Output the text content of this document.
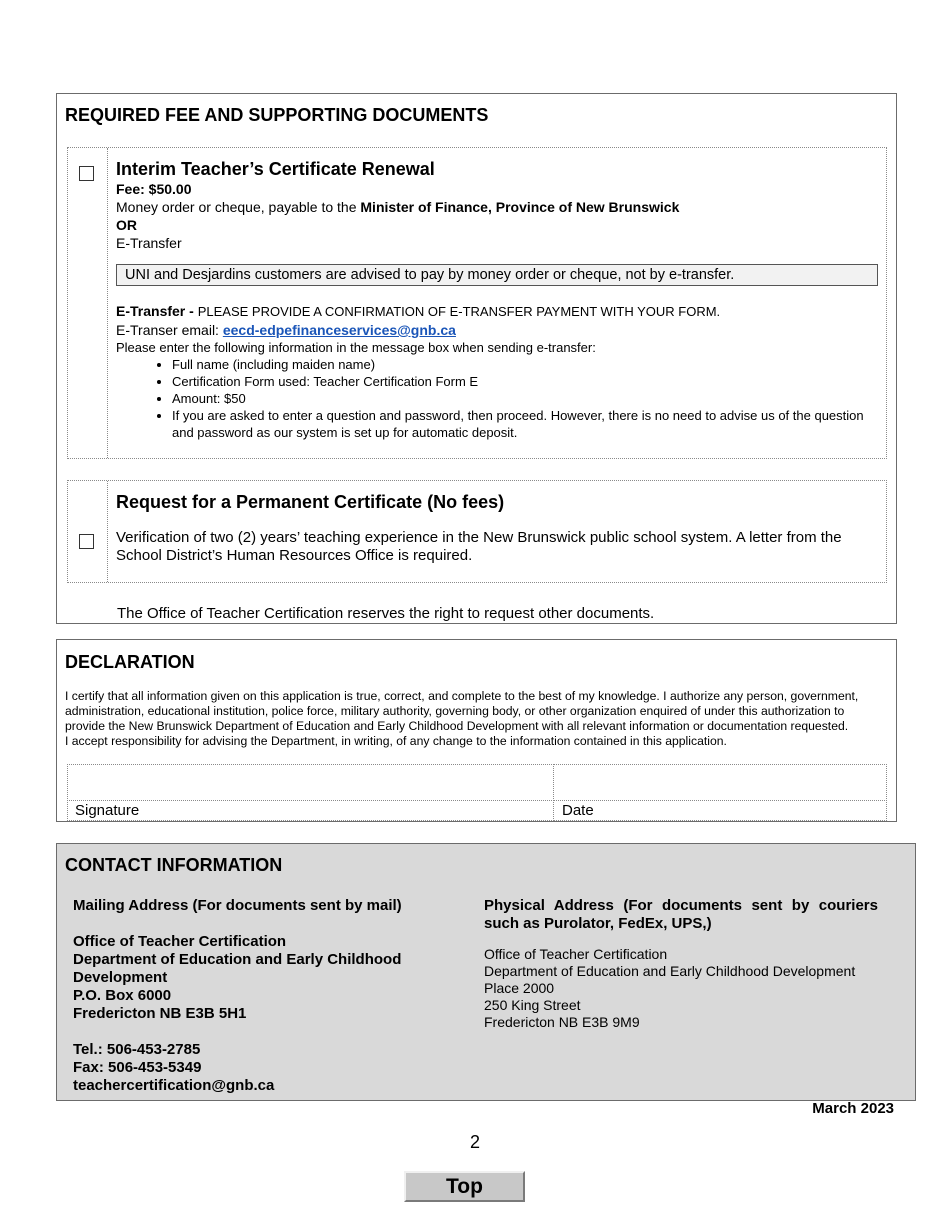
REQUIRED FEE AND SUPPORTING DOCUMENTS
Interim Teacher’s Certificate Renewal
Fee: $50.00
Money order or cheque, payable to the Minister of Finance, Province of New Brunswick
OR
E-Transfer
UNI and Desjardins customers are advised to pay by money order or cheque, not by e-transfer.
E-Transfer - PLEASE PROVIDE A CONFIRMATION OF E-TRANSFER PAYMENT WITH YOUR FORM.
E-Transer email: eecd-edpefinanceservices@gnb.ca
Please enter the following information in the message box when sending e-transfer:
• Full name (including maiden name)
• Certification Form used: Teacher Certification Form E
• Amount: $50
• If you are asked to enter a question and password, then proceed. However, there is no need to advise us of the question and password as our system is set up for automatic deposit.
Request for a Permanent Certificate (No fees)
Verification of two (2) years’ teaching experience in the New Brunswick public school system. A letter from the School District’s Human Resources Office is required.
The Office of Teacher Certification reserves the right to request other documents.
DECLARATION
I certify that all information given on this application is true, correct, and complete to the best of my knowledge. I authorize any person, government, administration, educational institution, police force, military authority, governing body, or other organization enquired of under this authorization to provide the New Brunswick Department of Education and Early Childhood Development with all relevant information or documentation requested.
I accept responsibility for advising the Department, in writing, of any change to the information contained in this application.
Signature	Date
CONTACT INFORMATION
Mailing Address (For documents sent by mail)
Office of Teacher Certification
Department of Education and Early Childhood Development
P.O. Box 6000
Fredericton NB E3B 5H1
Tel.: 506-453-2785
Fax: 506-453-5349
teachercertification@gnb.ca
Physical Address (For documents sent by couriers such as Purolator, FedEx, UPS,)
Office of Teacher Certification
Department of Education and Early Childhood Development
Place 2000
250 King Street
Fredericton NB E3B 9M9
March 2023
2
Top
